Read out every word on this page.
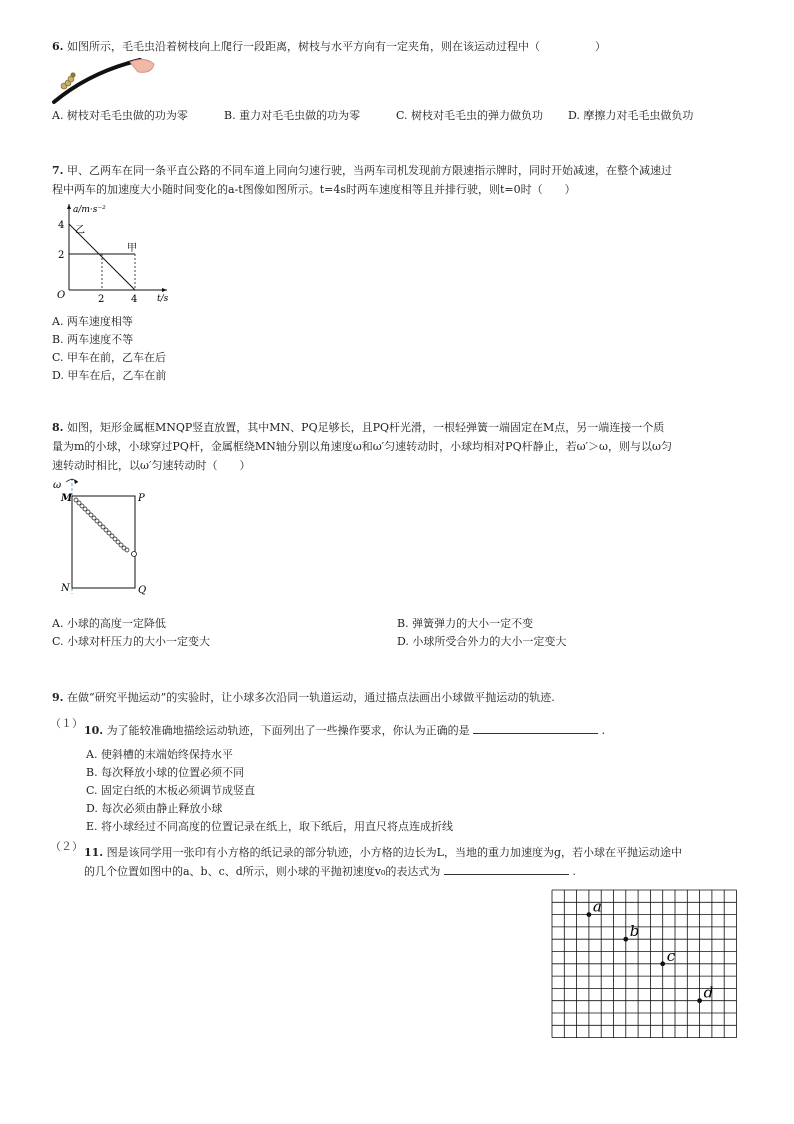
6. 如图所示，毛毛虫沿着树枝向上爬行一段距离，树枝与水平方向有一定夹角，则在该运动过程中（　　　　　）
A. 树枝对毛毛虫做的功为零	B. 重力对毛毛虫做的功为零	C. 树枝对毛毛虫的弹力做负功 D. 摩擦力对毛毛虫做负功
7. 甲、乙两车在同一条平直公路的不同车道上同向匀速行驶，当两车司机发现前方限速指示牌时，同时开始减速，在整个减速过
程中两车的加速度大小随时间变化的a-t图像如图所示。t=4s时两车速度相等且并排行驶，则t=0时（　　）
a/m·s⁻²
t/s
O
4
2
2	4
乙
甲
A. 两车速度相等
B. 两车速度不等
C. 甲车在前，乙车在后
D. 甲车在后，乙车在前
8. 如图，矩形金属框MNQP竖直放置，其中MN、PQ足够长，且PQ杆光滑，一根轻弹簧一端固定在M点，另一端连接一个质
量为m的小球，小球穿过PQ杆，金属框绕MN轴分别以角速度ω和ω′匀速转动时，小球均相对PQ杆静止，若ω′＞ω，则与以ω匀
速转动时相比，以ω′匀速转动时（　　）
ω
M	P
N	Q
A. 小球的高度一定降低	B. 弹簧弹力的大小一定不变
C. 小球对杆压力的大小一定变大	D. 小球所受合外力的大小一定变大
9. 在做“研究平抛运动”的实验时，让小球多次沿同一轨道运动，通过描点法画出小球做平抛运动的轨迹.
（１）
10. 为了能较准确地描绘运动轨迹，下面列出了一些操作要求，你认为正确的是	.
A. 使斜槽的末端始终保持水平
B. 每次释放小球的位置必须不同
C. 固定白纸的木板必须调节成竖直
D. 每次必须由静止释放小球
E. 将小球经过不同高度的位置记录在纸上，取下纸后，用直尺将点连成折线
（２） 11. 图是该同学用一张印有小方格的纸记录的部分轨迹，小方格的边长为L，当地的重力加速度为g，若小球在平抛运动途中
的几个位置如图中的a、b、c、d所示，则小球的平抛初速度v₀的表达式为	.
a
b
c
d
